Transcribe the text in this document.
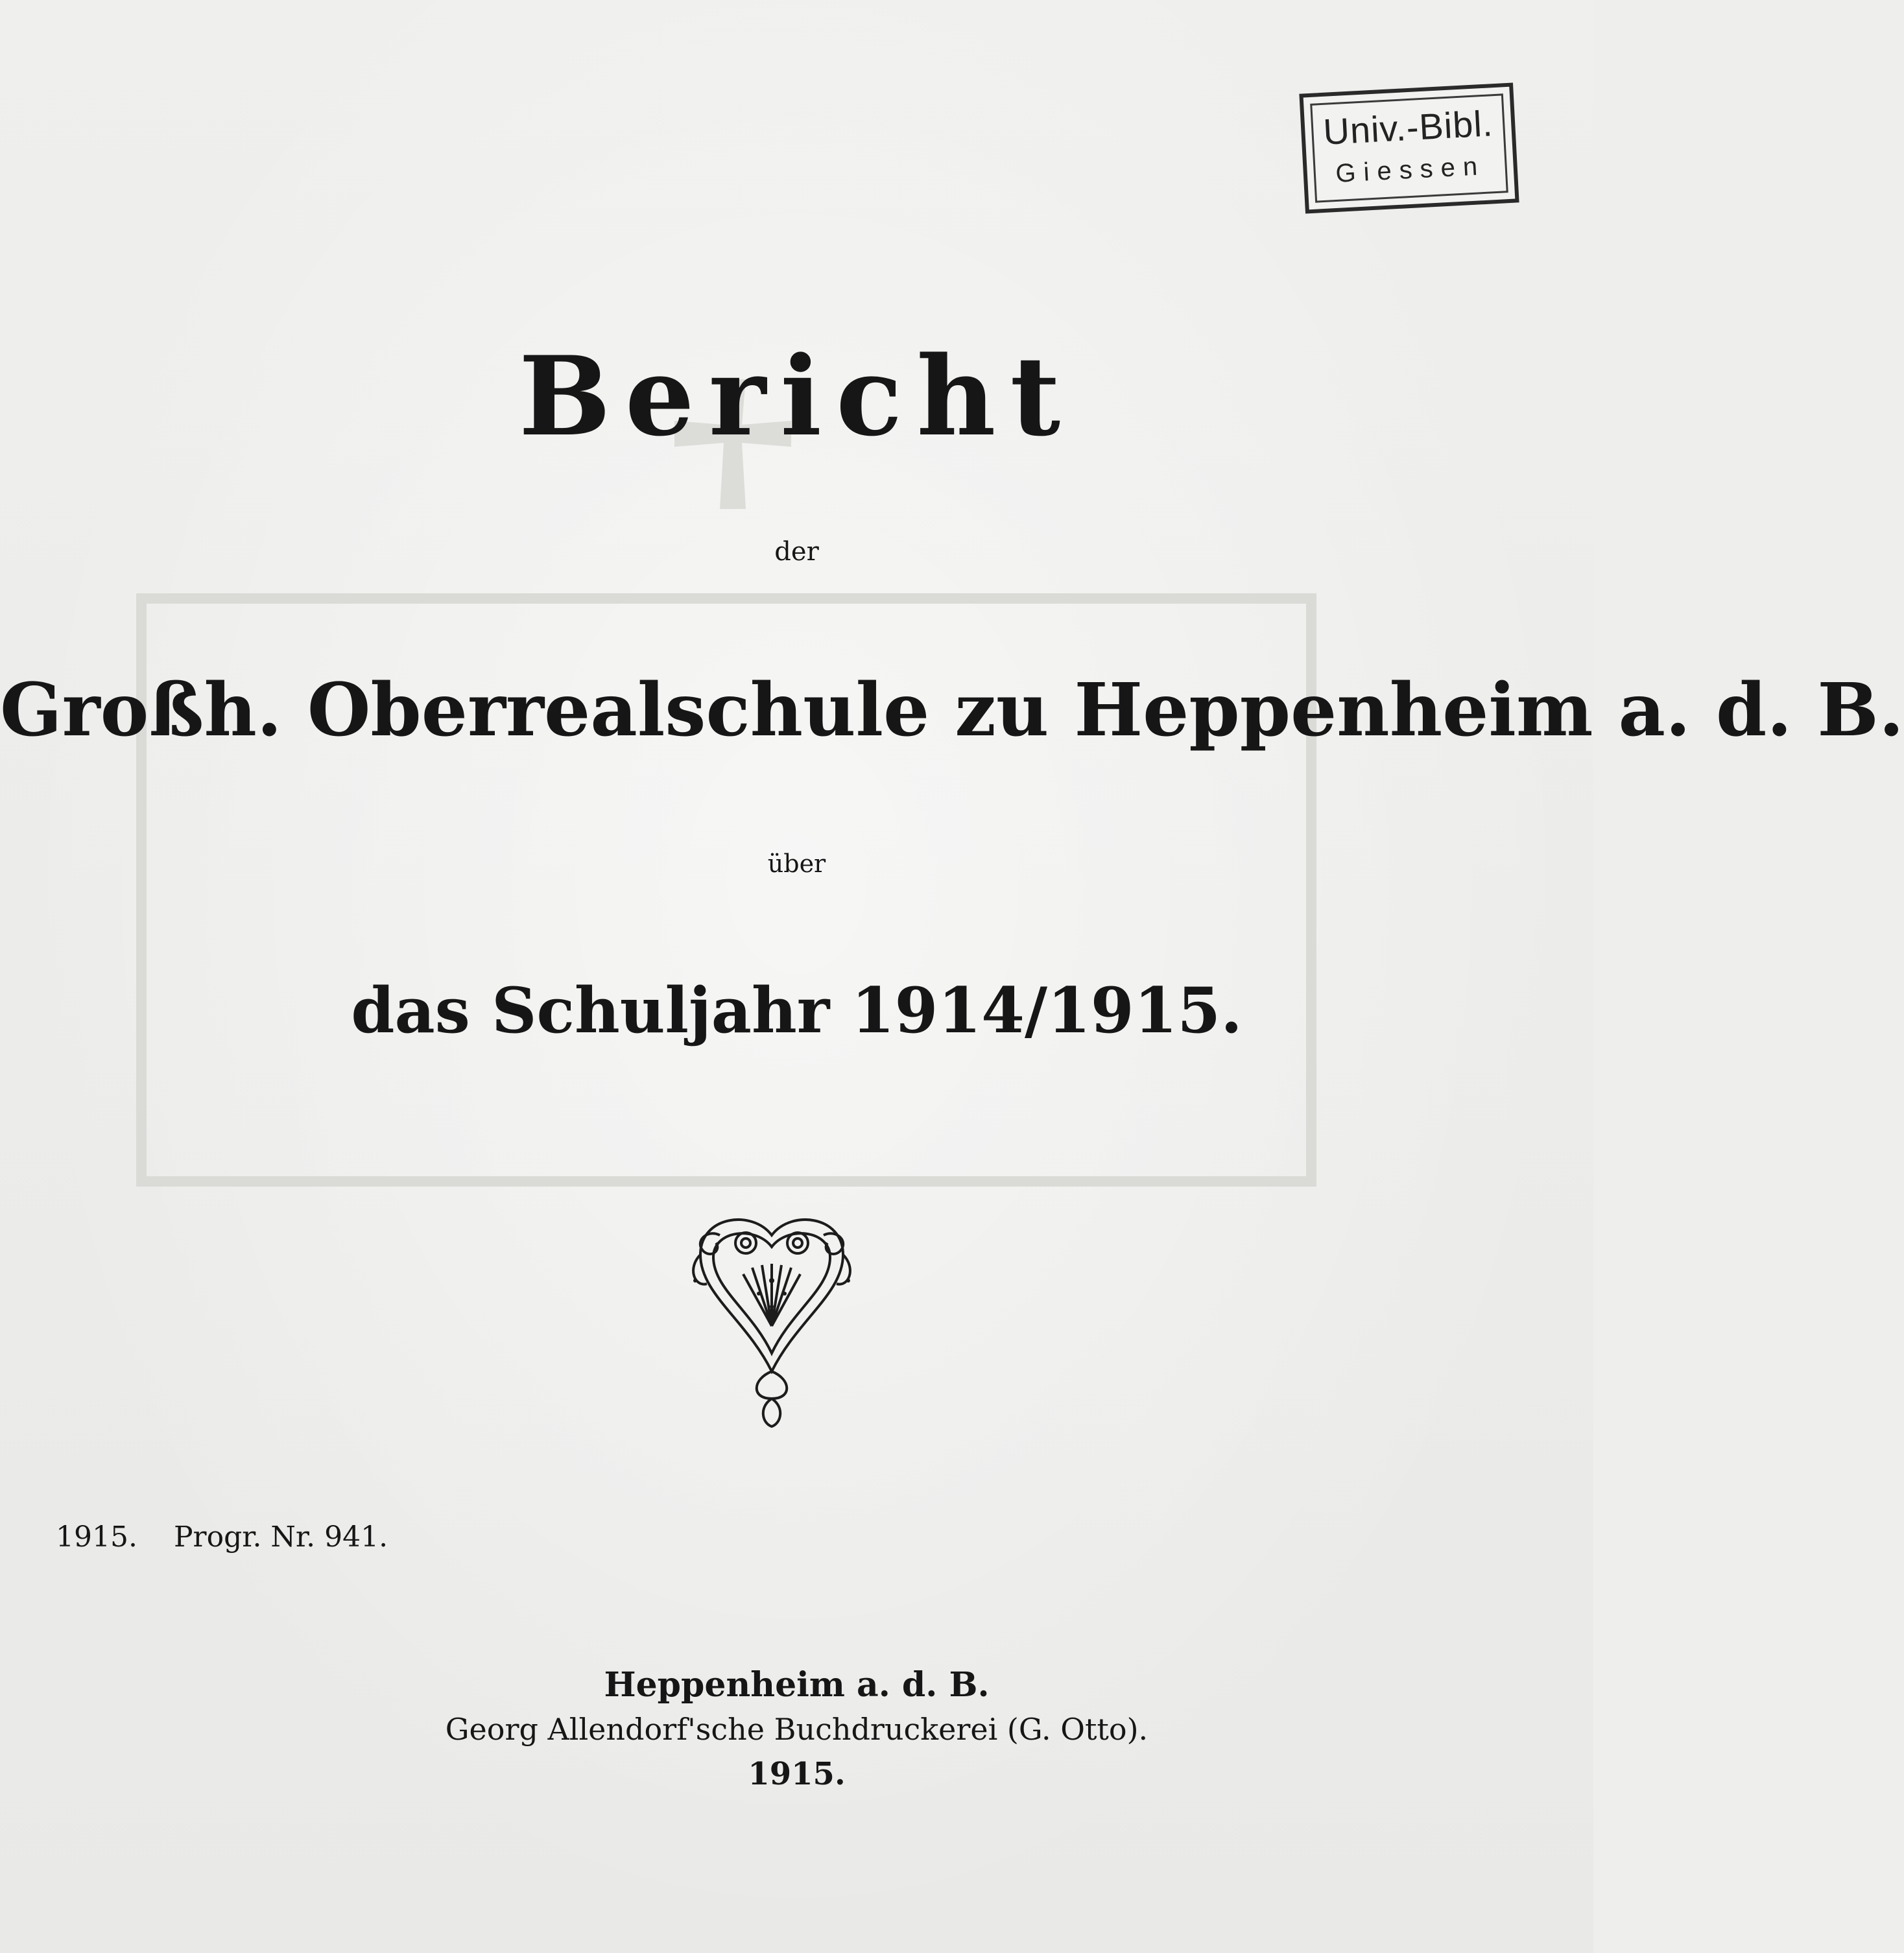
Univ.-Bibl.
Giessen
Bericht
der
Großh. Oberrealschule zu Heppenheim a. d. B.
über
das Schuljahr 1914/1915.
1915. Progr. Nr. 941.
Heppenheim a. d. B.
Georg Allendorf'sche Buchdruckerei (G. Otto).
1915.
